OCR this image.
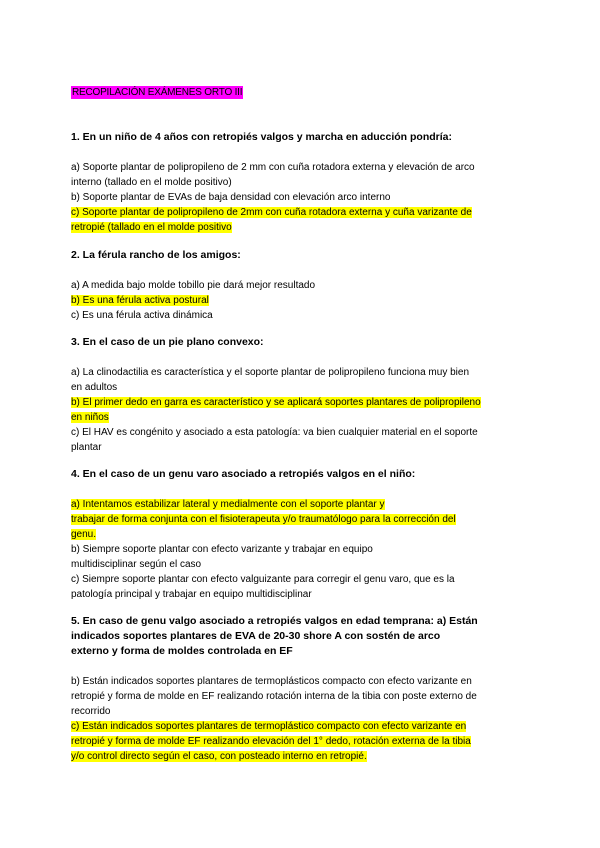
RECOPILACIÓN EXÁMENES ORTO III

1. En un niño de 4 años con retropiés valgos y marcha en aducción pondría:

a) Soporte plantar de polipropileno de 2 mm con cuña rotadora externa y elevación de arco
interno (tallado en el molde positivo)

b) Soporte plantar de EVAs de baja densidad con elevación arco interno

c) Soporte plantar de polipropileno de 2mm con cuña rotadora externa y cuña varizante de
retropié (tallado en el molde positivo

2. La férula rancho de los amigos:

a) A medida bajo molde tobillo pie dará mejor resultado

b) Es una férula activa postural

c) Es una férula activa dinámica

3. En el caso de un pie plano convexo:

a) La clinodactilia es característica y el soporte plantar de polipropileno funciona muy bien
en adultos

b) El primer dedo en garra es característico y se aplicará soportes plantares de polipropileno
en niños

c) El HAV es congénito y asociado a esta patología: va bien cualquier material en el soporte
plantar

4. En el caso de un genu varo asociado a retropiés valgos en el niño:

a) Intentamos estabilizar lateral y medialmente con el soporte plantar y
trabajar de forma conjunta con el fisioterapeuta y/o traumatólogo para la corrección del
genu.

b) Siempre soporte plantar con efecto varizante y trabajar en equipo
multidisciplinar según el caso

c) Siempre soporte plantar con efecto valguizante para corregir el genu varo, que es la
patología principal y trabajar en equipo multidisciplinar

5. En caso de genu valgo asociado a retropiés valgos en edad temprana: a) Están
indicados soportes plantares de EVA de 20-30 shore A con sostén de arco
externo y forma de moldes controlada en EF

b) Están indicados soportes plantares de termoplásticos compacto con efecto varizante en
retropié y forma de molde en EF realizando rotación interna de la tibia con poste externo de
recorrido

c) Están indicados soportes plantares de termoplástico compacto con efecto varizante en
retropié y forma de molde EF realizando elevación del 1° dedo, rotación externa de la tibia
y/o control directo según el caso, con posteado interno en retropié.
